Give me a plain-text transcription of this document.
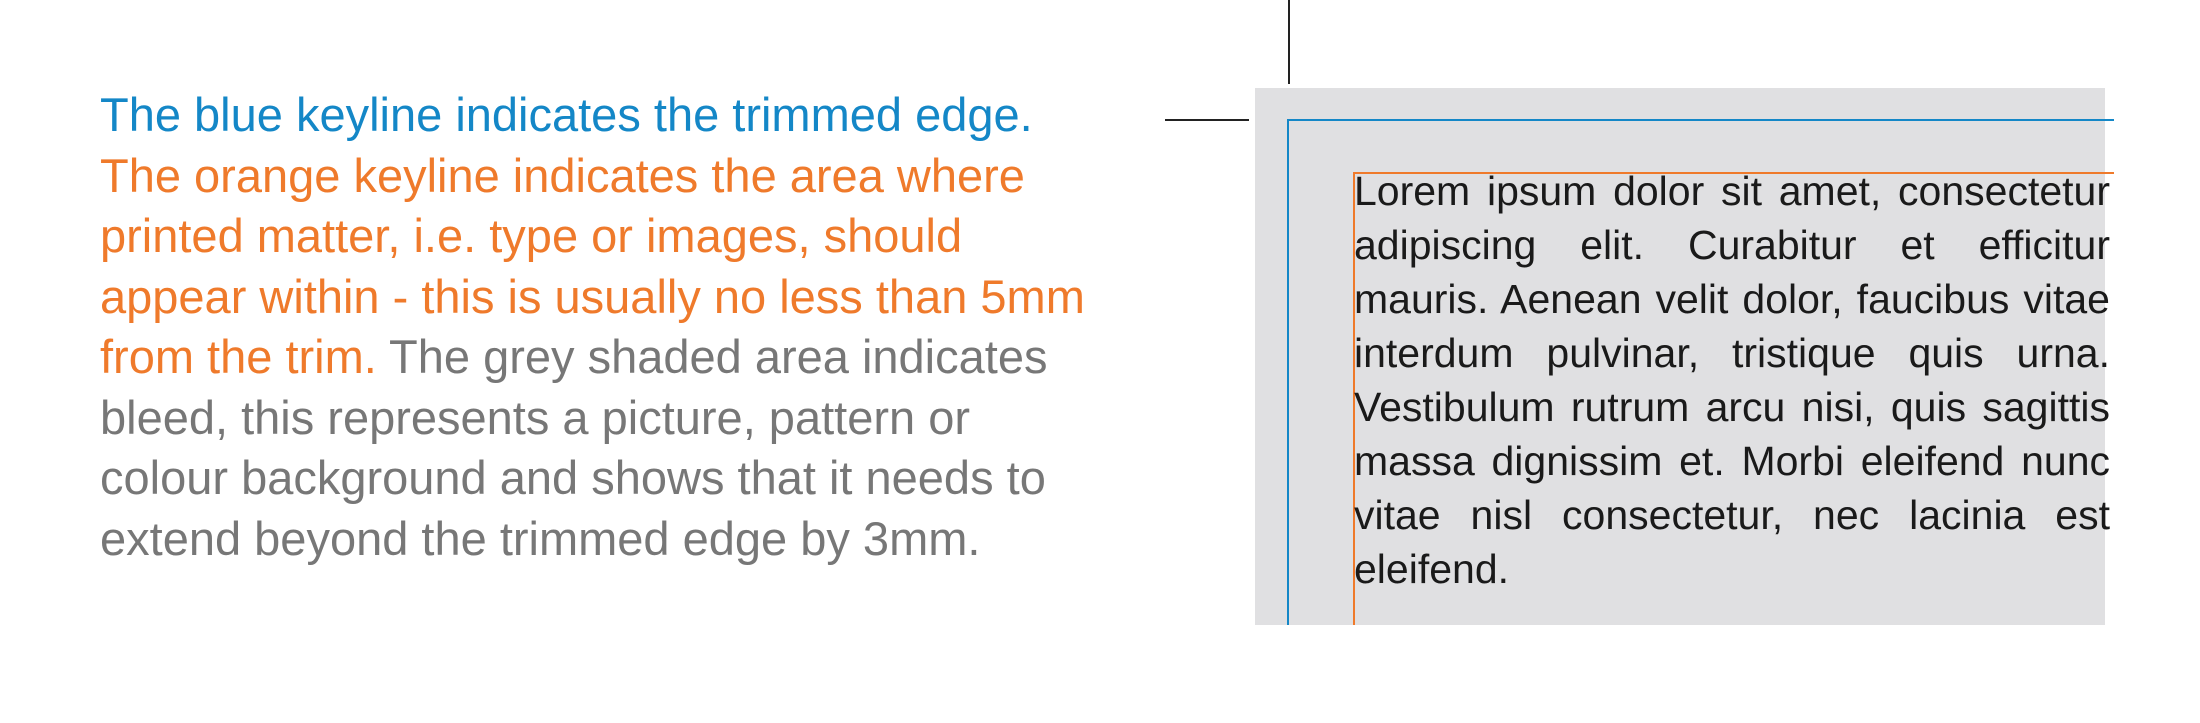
The blue keyline indicates the trimmed edge. The orange keyline indicates the area where printed matter, i.e. type or images, should appear within - this is usually no less than 5mm from the trim. The grey shaded area indicates bleed, this represents a picture, pattern or colour background and shows that it needs to extend beyond the trimmed edge by 3mm.
Lorem ipsum dolor sit amet, consectetur adipiscing elit. Curabitur et efficitur mauris. Aenean velit dolor, faucibus vitae interdum pulvinar, tristique quis urna. Vestibulum rutrum arcu nisi, quis sagittis massa dignissim et. Morbi eleifend nunc vitae nisl consectetur, nec lacinia est eleifend.
